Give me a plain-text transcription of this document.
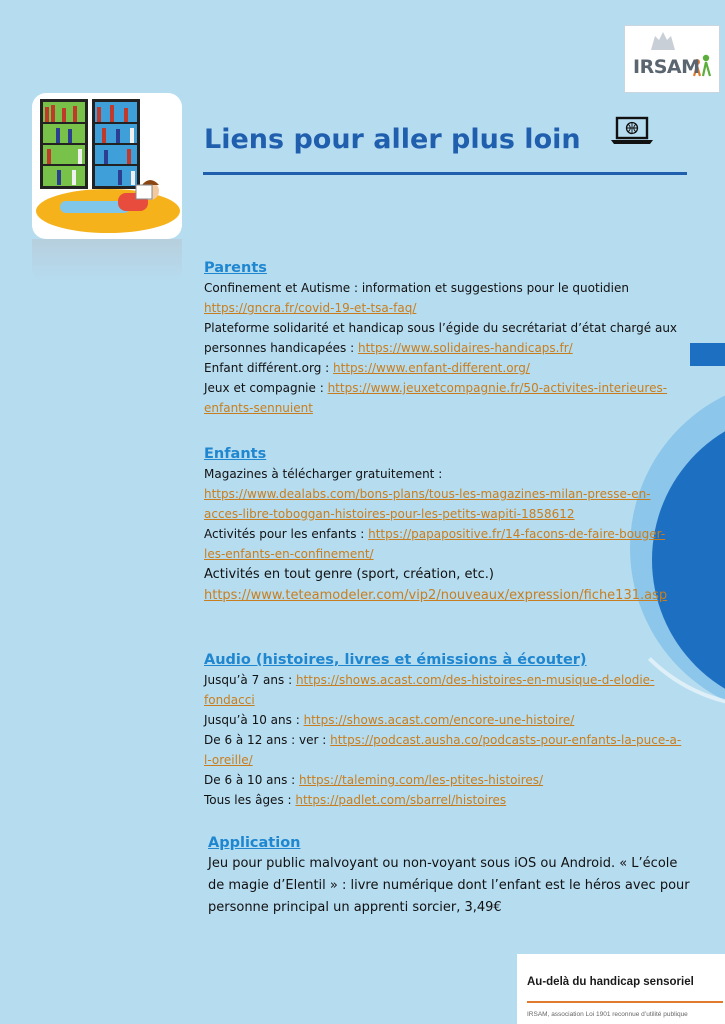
IRSAM
Liens pour aller plus loin

Parents

Confinement et Autisme : information et suggestions pour le quotidien

https://gncra.fr/covid-19-et-tsa-faq/

Plateforme solidarité et handicap sous l’égide du secrétariat d’état chargé aux

personnes handicapées : https://www.solidaires-handicaps.fr/

Enfant différent.org : https://www.enfant-different.org/

Jeux et compagnie : https://www.jeuxetcompagnie.fr/50-activites-interieures-

enfants-sennuient

Enfants

Magazines à télécharger gratuitement :

https://www.dealabs.com/bons-plans/tous-les-magazines-milan-presse-en-

acces-libre-toboggan-histoires-pour-les-petits-wapiti-1858612

Activités pour les enfants : https://papapositive.fr/14-facons-de-faire-bouger-

les-enfants-en-confinement/

Activités en tout genre (sport, création, etc.)

https://www.teteamodeler.com/vip2/nouveaux/expression/fiche131.asp

Audio (histoires, livres et émissions à écouter)

Jusqu’à 7 ans : https://shows.acast.com/des-histoires-en-musique-d-elodie-

fondacci

Jusqu’à 10 ans : https://shows.acast.com/encore-une-histoire/

De 6 à 12 ans : ver : https://podcast.ausha.co/podcasts-pour-enfants-la-puce-a-

l-oreille/

De 6 à 10 ans : https://taleming.com/les-ptites-histoires/

Tous les âges : https://padlet.com/sbarrel/histoires

Application

Jeu pour public malvoyant ou non-voyant sous iOS ou Android. « L’école

de magie d’Elentil » : livre numérique dont l’enfant est le héros avec pour

personne principal un apprenti sorcier, 3,49€

Au-delà du handicap sensoriel
IRSAM, association Loi 1901 reconnue d’utilité publique
